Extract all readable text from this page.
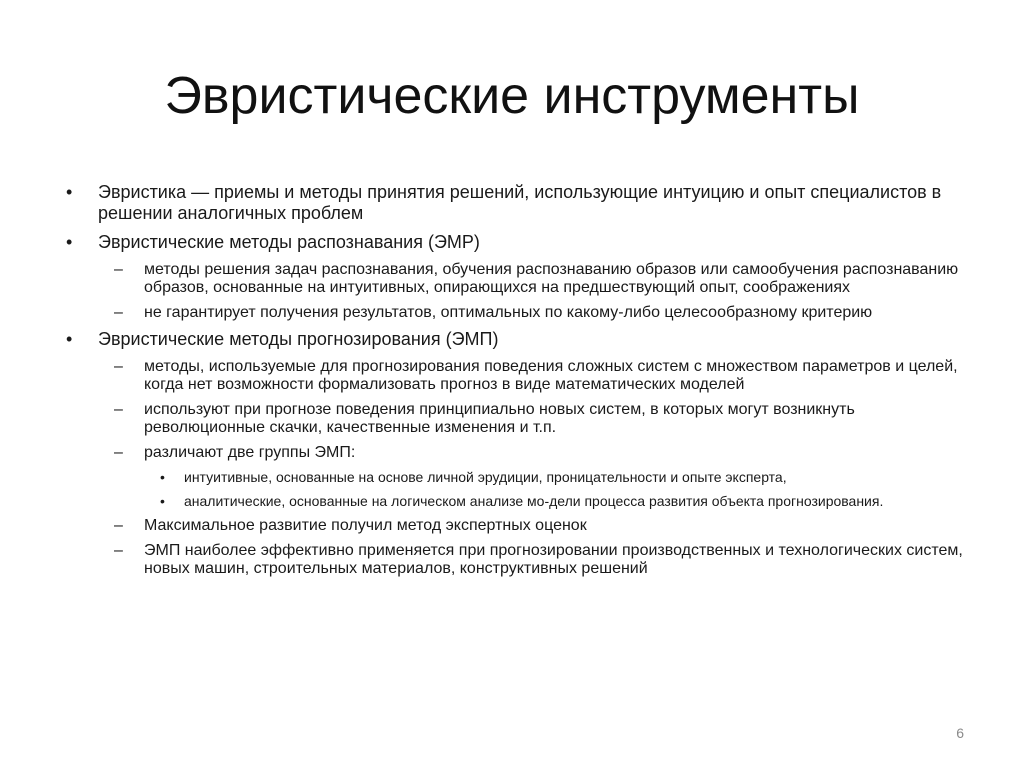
Эвристические инструменты

• Эвристика — приемы и методы принятия решений, использующие интуицию и опыт специалистов в решении аналогичных проблем

• Эвристические методы распознавания (ЭМР)

– методы решения задач распознавания, обучения распознаванию образов или самообучения распознаванию образов, основанные на интуитивных, опирающихся на предшествующий опыт, соображениях

– не гарантирует получения результатов, оптимальных по какому-либо целесообразному критерию

• Эвристические методы прогнозирования (ЭМП)

– методы, используемые для прогнозирования поведения сложных систем с множеством параметров и целей, когда нет возможности формализовать прогноз в виде математических моделей

– используют при прогнозе поведения принципиально новых систем, в которых могут возникнуть революционные скачки, качественные изменения и т.п.

– различают две группы ЭМП:

• интуитивные, основанные на основе личной эрудиции, проницательности и опыте эксперта,

• аналитические, основанные на логическом анализе мо-дели процесса развития объекта прогнозирования.

– Максимальное развитие получил метод экспертных оценок

– ЭМП наиболее эффективно применяется при прогнозировании производственных и технологических систем, новых машин, строительных материалов, конструктивных решений

6
